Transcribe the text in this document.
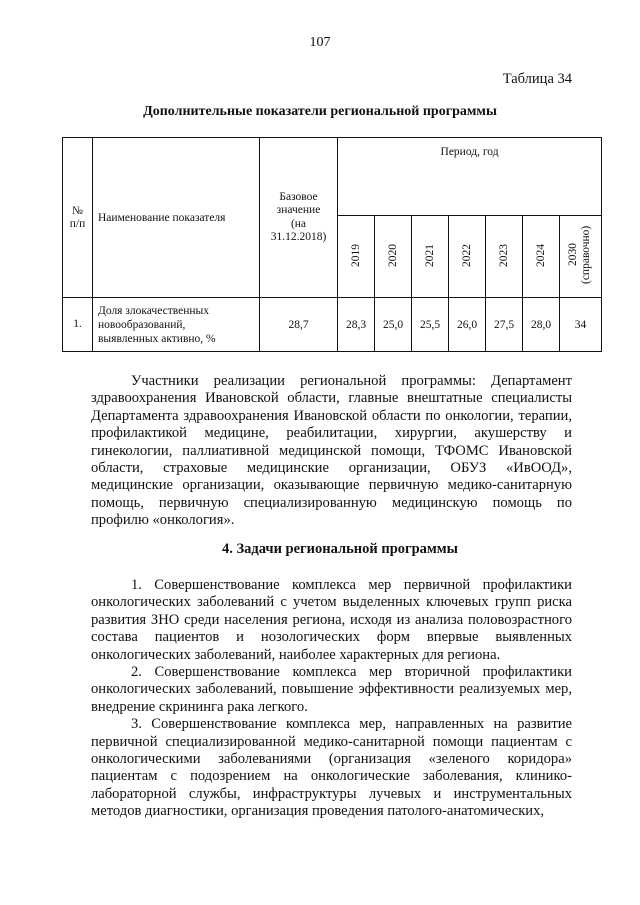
107
Таблица 34
Дополнительные показатели региональной программы
№
п/п	Наименование показателя	Базовое
значение
(на
31.12.2018)	Период, год						
			2019	2020	2021	2022	2023	2024	2030 (справочно)
1.	Доля злокачественных
новообразований,
выявленных активно, %	28,7	28,3	25,0	25,5	26,0	27,5	28,0	34

Участники реализации региональной программы: Департамент здравоохранения Ивановской области, главные внештатные специалисты Департамента здравоохранения Ивановской области по онкологии, терапии, профилактикой медицине, реабилитации, хирургии, акушерству и гинекологии, паллиативной медицинской помощи, ТФОМС Ивановской области, страховые медицинские организации, ОБУЗ «ИвООД», медицинские организации, оказывающие первичную медико-санитарную помощь, первичную специализированную медицинскую помощь по профилю «онкология».

4. Задачи региональной программы

1. Совершенствование комплекса мер первичной профилактики онкологических заболеваний с учетом выделенных ключевых групп риска развития ЗНО среди населения региона, исходя из анализа половозрастного состава пациентов и нозологических форм впервые выявленных онкологических заболеваний, наиболее характерных для региона.

2. Совершенствование комплекса мер вторичной профилактики онкологических заболеваний, повышение эффективности реализуемых мер, внедрение скрининга рака легкого.

3. Совершенствование комплекса мер, направленных на развитие первичной специализированной медико-санитарной помощи пациентам с онкологическими заболеваниями (организация «зеленого коридора» пациентам с подозрением на онкологические заболевания, клинико-лабораторной службы, инфраструктуры лучевых и инструментальных методов диагностики, организация проведения патолого-анатомических,
